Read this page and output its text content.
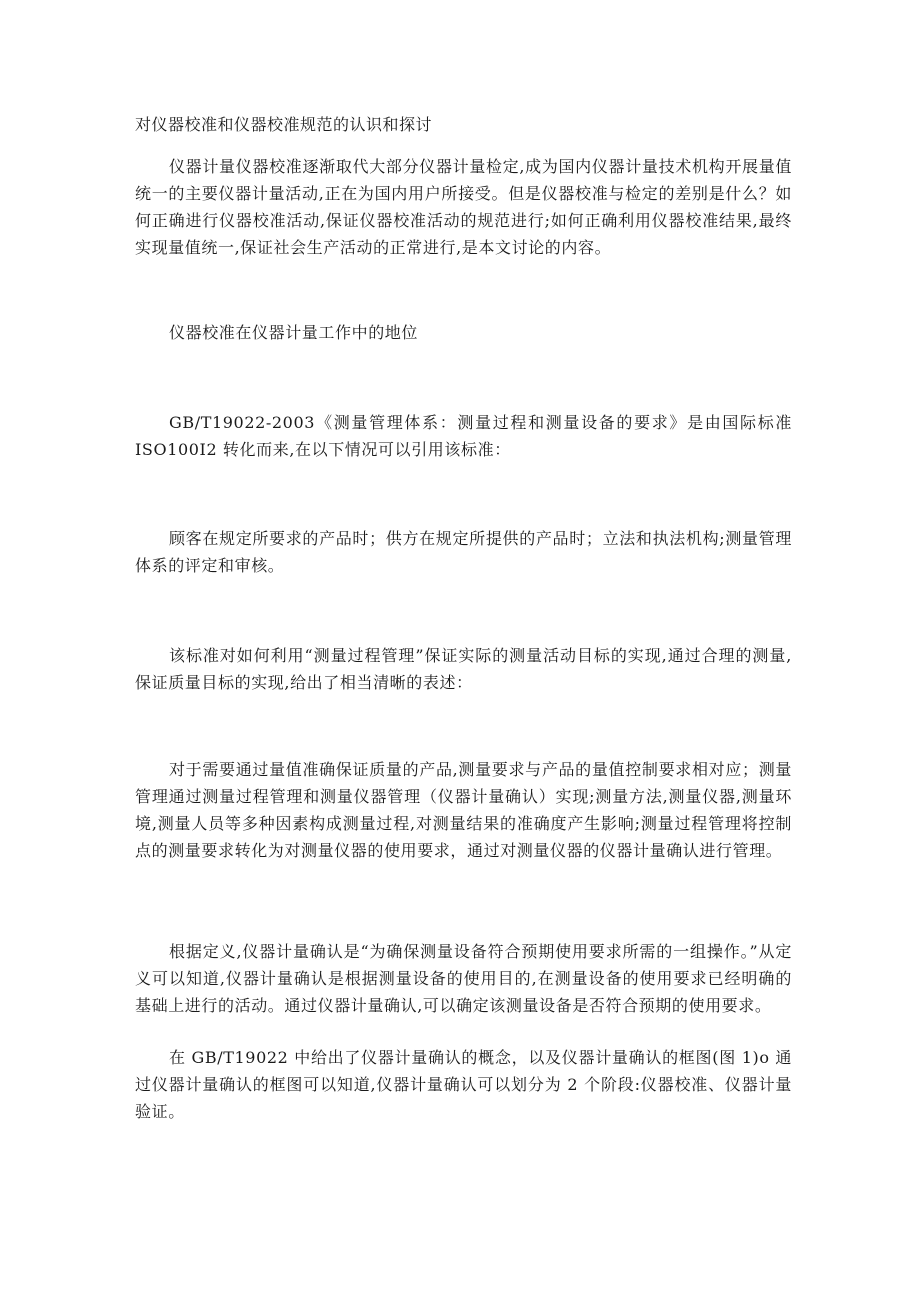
对仪器校准和仪器校准规范的认识和探讨

仪器计量仪器校准逐渐取代大部分仪器计量检定,成为国内仪器计量技术机构开展量值统一的主要仪器计量活动,正在为国内用户所接受。但是仪器校准与检定的差别是什么？如何正确进行仪器校准活动,保证仪器校准活动的规范进行;如何正确利用仪器校准结果,最终实现量值统一,保证社会生产活动的正常进行,是本文讨论的内容。

仪器校准在仪器计量工作中的地位

GB/T19022-2003《测量管理体系：测量过程和测量设备的要求》是由国际标准 ISO100I2 转化而来,在以下情况可以引用该标准：

顾客在规定所要求的产品时；供方在规定所提供的产品时；立法和执法机构;测量管理体系的评定和审核。

该标准对如何利用“测量过程管理”保证实际的测量活动目标的实现,通过合理的测量,保证质量目标的实现,给出了相当清晰的表述：

对于需要通过量值准确保证质量的产品,测量要求与产品的量值控制要求相对应；测量管理通过测量过程管理和测量仪器管理（仪器计量确认）实现;测量方法,测量仪器,测量环境,测量人员等多种因素构成测量过程,对测量结果的准确度产生影响;测量过程管理将控制点的测量要求转化为对测量仪器的使用要求，通过对测量仪器的仪器计量确认进行管理。

根据定义,仪器计量确认是“为确保测量设备符合预期使用要求所需的一组操作。”从定义可以知道,仪器计量确认是根据测量设备的使用目的,在测量设备的使用要求已经明确的基础上进行的活动。通过仪器计量确认,可以确定该测量设备是否符合预期的使用要求。

在 GB/T19022 中给出了仪器计量确认的概念，以及仪器计量确认的框图(图 1)o 通过仪器计量确认的框图可以知道,仪器计量确认可以划分为 2 个阶段:仪器校准、仪器计量验证。
